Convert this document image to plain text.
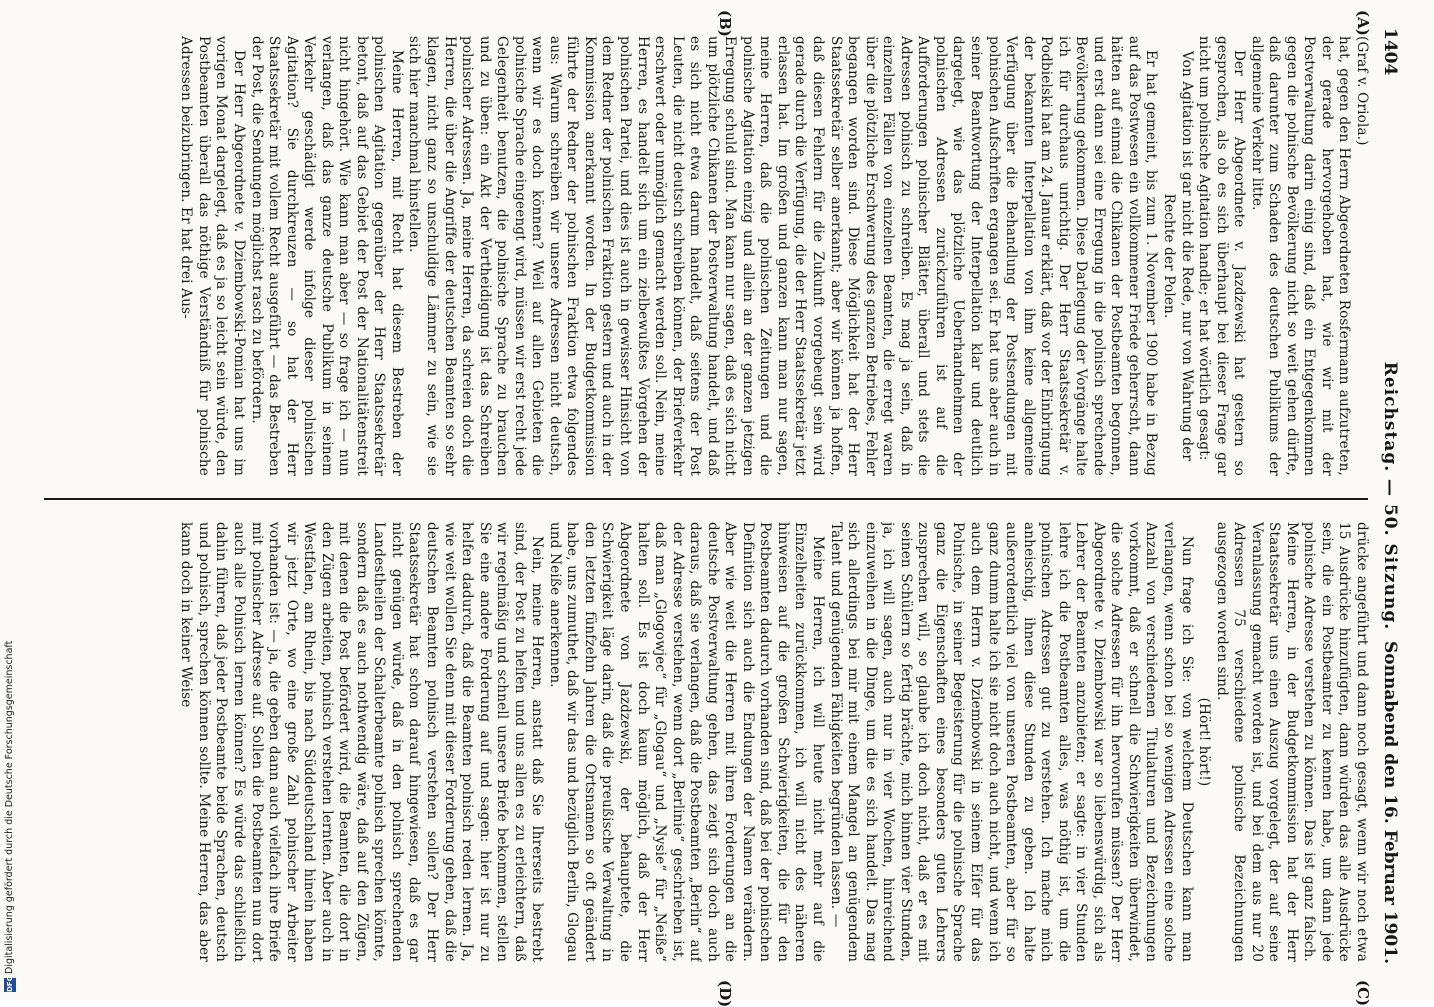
1404
Reichstag. — 50. Sitzung.
Sonnabend den 16. Februar 1901.
(A)
(B)
(C)
(D)

(Graf v. Oriola.)

hat, gegen den Herrn Abgeordneten Rosfermann aufzutreten, der gerade hervorgehoben hat, wie wir mit der Postverwaltung darin einig sind, daß ein Entgegenkommen gegen die polnische Bevölkerung nicht so weit gehen dürfte, daß darunter zum Schaden des deutschen Publikums der allgemeine Verkehr litte.

Der Herr Abgeordnete v. Jazdzewski hat gestern so gesprochen, als ob es sich überhaupt bei dieser Frage gar nicht um polnische Agitation handle; er hat wörtlich gesagt:

Von Agitation ist gar nicht die Rede, nur von Wahrung der Rechte der Polen.

Er hat gemeint, bis zum 1. November 1900 habe in Bezug auf das Postwesen ein vollkommener Friede geherrscht, dann hätten auf einmal die Chikanen der Postbeamten begonnen, und erst dann sei eine Erregung in die polnisch sprechende Bevölkerung gekommen. Diese Darlegung der Vorgänge halte ich für durchaus unrichtig. Der Herr Staatssekretär v. Podbielski hat am 24. Januar erklärt, daß vor der Einbringung der bekannten Interpellation von ihm keine allgemeine Verfügung über die Behandlung der Postsendungen mit polnischen Aufschriften ergangen sei. Er hat uns aber auch in seiner Beantwortung der Interpellation klar und deutlich dargelegt, wie das plötzliche Ueberhandnehmen der polnischen Adressen zurückzuführen ist auf die Aufforderungen polnischer Blätter, überall und stets die Adressen polnisch zu schreiben. Es mag ja sein, daß in einzelnen Fällen von einzelnen Beamten, die erregt waren über die plötzliche Erschwerung des ganzen Betriebes, Fehler begangen worden sind. Diese Möglichkeit hat der Herr Staatssekretär selber anerkannt; aber wir können ja hoffen, daß diesen Fehlern für die Zukunft vorgebeugt sein wird gerade durch die Verfügung, die der Herr Staatssekretär jetzt erlassen hat. Im großen und ganzen kann man nur sagen, meine Herren, daß die polnischen Zeitungen und die polnische Agitation einzig und allein an der ganzen jetzigen Erregung schuld sind. Man kann nur sagen, daß es sich nicht um plötzliche Chikanen der Postverwaltung handelt, und daß es sich nicht etwa darum handelt, daß seitens der Post Leuten, die nicht deutsch schreiben können, der Briefverkehr erschwert oder unmöglich gemacht werden soll. Nein, meine Herren, es handelt sich um ein zielbewußtes Vorgehen der polnischen Partei, und dies ist auch in gewisser Hinsicht von dem Redner der polnischen Fraktion gestern und auch in der Kommission anerkannt worden. In der Budgetkommission führte der Redner der polnischen Fraktion etwa folgendes aus: Warum schreiben wir unsere Adressen nicht deutsch, wenn wir es doch können? Weil auf allen Gebieten die polnische Sprache eingeengt wird, müssen wir erst recht jede Gelegenheit benutzen, die polnische Sprache zu brauchen und zu üben: ein Akt der Vertheidigung ist das Schreiben polnischer Adressen. Ja, meine Herren, da schreien doch die Herren, die über die Angriffe der deutschen Beamten so sehr klagen, nicht ganz so unschuldige Lämmer zu sein, wie sie sich hier manchmal hinstellen.

Meine Herren, mit Recht hat diesem Bestreben der polnischen Agitation gegenüber der Herr Staatssekretär betont, daß auf das Gebiet der Post der Nationalitätenstreit nicht hingehört. Wie kann man aber — so frage ich — nun verlangen, daß das ganze deutsche Publikum in seinem Verkehr geschädigt werde infolge dieser polnischen Agitation? Sie durchkreuzen — so hat der Herr Staatssekretär mit vollem Recht ausgeführt — das Bestreben der Post, die Sendungen möglichst rasch zu befördern.

Der Herr Abgeordnete v. Dziembowski-Pomian hat uns im vorigen Monat dargelegt, daß es ja so leicht sein würde, den Postbeamten überall das nöthige Verständniß für polnische Adressen beizubringen. Er hat drei Aus-

drücke angeführt und dann noch gesagt, wenn wir noch etwa 15 Ausdrücke hinzufügten, dann würden das alle Ausdrücke sein, die ein Postbeamter zu kennen habe, um dann jede polnische Adresse verstehen zu können. Das ist ganz falsch. Meine Herren, in der Budgetkommission hat der Herr Staatssekretär uns einen Auszug vorgelegt, der auf seine Veranlassung gemacht worden ist, und bei dem aus nur 20 Adressen 75 verschiedene polnische Bezeichnungen ausgezogen worden sind.

(Hört! hört!)

Nun frage ich Sie: von welchem Deutschen kann man verlangen, wenn schon bei so wenigen Adressen eine solche Anzahl von verschiedenen Titulaturen und Bezeichnungen vorkommt, daß er schnell die Schwierigkeiten überwindet, die solche Adressen für ihn hervorrufen müssen? Der Herr Abgeordnete v. Dziembowski war so liebenswürdig, sich als Lehrer der Beamten anzubieten; er sagte: in vier Stunden lehre ich die Postbeamten alles, was nöthig ist, um die polnischen Adressen gut zu verstehen. Ich mache mich anheischig, ihnen diese Stunden zu geben. Ich halte außerordentlich viel von unseren Postbeamten, aber für so ganz dumm halte ich sie nicht doch auch nicht, und wenn ich auch dem Herrn v. Dziembowski in seinem Eifer für das Polnische, in seiner Begeisterung für die polnische Sprache ganz die Eigenschaften eines besonders guten Lehrers zusprechen will, so glaube ich doch nicht, daß er es mit seinen Schülern so fertig brächte, mich binnen vier Stunden, ja, ich will sagen, auch nur in vier Wochen, hinreichend einzuweihen in die Dinge, um die es sich handelt. Das mag sich allerdings bei mir mit einem Mangel an genügendem Talent und genügenden Fähigkeiten begründen lassen. —

Meine Herren, ich will heute nicht mehr auf die Einzelheiten zurückkommen, ich will nicht des näheren hinweisen auf die großen Schwierigkeiten, die für den Postbeamten dadurch vorhanden sind, daß bei der polnischen Definition sich auch die Endungen der Namen verändern. Aber wie weit die Herren mit ihren Forderungen an die deutsche Postverwaltung gehen, das zeigt sich doch auch daraus, daß sie verlangen, daß die Postbeamten „Berlin“ auf der Adresse verstehen, wenn dort „Berlinie“ geschrieben ist, daß man „Glogowjec“ für „Glogau“ und „Nysie“ für „Neiße“ halten soll. Es ist doch kaum möglich, daß der Herr Abgeordnete von Jazdzewski, der behauptete, die Schwierigkeit läge darin, daß die preußische Verwaltung in den letzten fünfzehn Jahren die Ortsnamen so oft geändert habe, uns zumuthet, daß wir das und bezüglich Berlin, Glogau und Neiße anerkennen.

Nein, meine Herren, anstatt daß Sie Ihrerseits bestrebt sind, der Post zu helfen und uns allen es zu erleichtern, daß wir regelmäßig und schnell unsere Briefe bekommen, stellen Sie eine andere Forderung auf und sagen: hier ist nur zu helfen dadurch, daß die Beamten polnisch reden lernen. Ja, wie weit wollen Sie denn mit dieser Forderung gehen, daß die deutschen Beamten polnisch verstehen sollen? Der Herr Staatssekretär hat schon darauf hingewiesen, daß es gar nicht genügen würde, daß in den polnisch sprechenden Landestheilen der Schalterbeamte polnisch sprechen könnte, sondern daß es auch nothwendig wäre, daß auf den Zügen, mit denen die Post befördert wird, die Beamten, die dort in den Zügen arbeiten, polnisch verstehen lernten. Aber auch in Westfalen, am Rhein, bis nach Süddeutschland hinein haben wir jetzt Orte, wo eine große Zahl polnischer Arbeiter vorhanden ist: — ja, die geben dann auch vielfach ihre Briefe mit polnischer Adresse auf. Sollen die Postbeamten nun dort auch alle Polnisch lernen können? Es würde das schließlich dahin führen, daß jeder Postbeamte beide Sprachen, deutsch und polnisch, sprechen können sollte. Meine Herren, das aber kann doch in keiner Weise

DFGDigitalisierung gefördert durch die Deutsche Forschungsgemeinschaft
